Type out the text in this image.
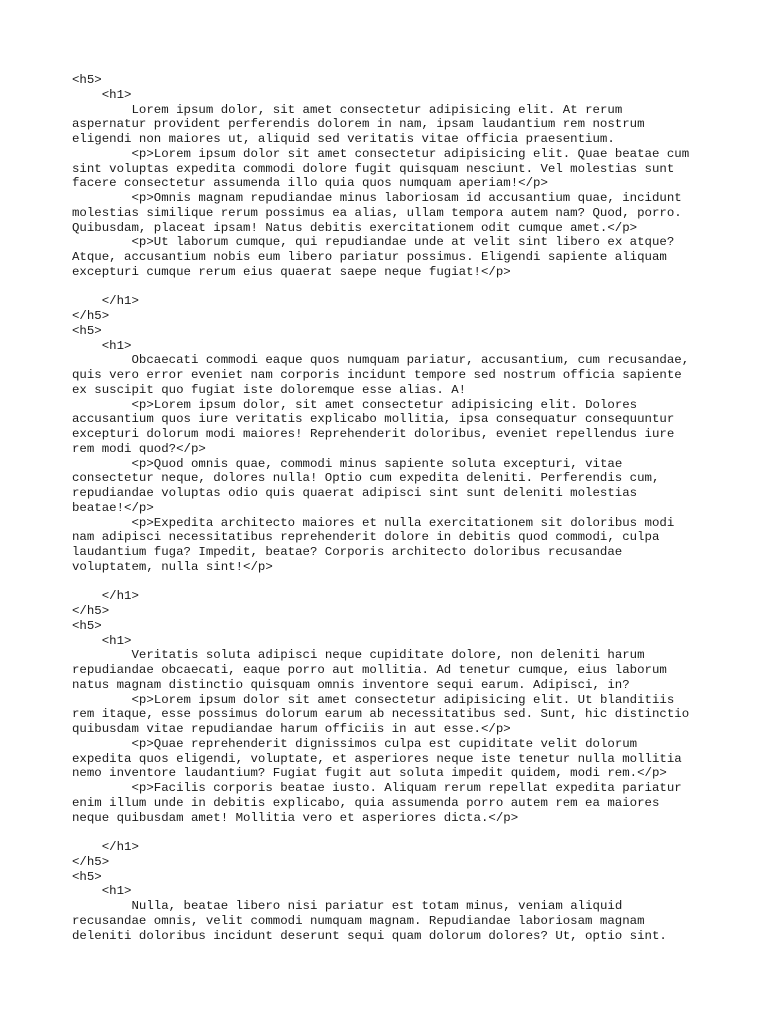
<h5>
<h1>
Lorem ipsum dolor, sit amet consectetur adipisicing elit. At rerum
aspernatur provident perferendis dolorem in nam, ipsam laudantium rem nostrum
eligendi non maiores ut, aliquid sed veritatis vitae officia praesentium.
<p>Lorem ipsum dolor sit amet consectetur adipisicing elit. Quae beatae cum
sint voluptas expedita commodi dolore fugit quisquam nesciunt. Vel molestias sunt
facere consectetur assumenda illo quia quos numquam aperiam!</p>
<p>Omnis magnam repudiandae minus laboriosam id accusantium quae, incidunt
molestias similique rerum possimus ea alias, ullam tempora autem nam? Quod, porro.
Quibusdam, placeat ipsam! Natus debitis exercitationem odit cumque amet.</p>
<p>Ut laborum cumque, qui repudiandae unde at velit sint libero ex atque?
Atque, accusantium nobis eum libero pariatur possimus. Eligendi sapiente aliquam
excepturi cumque rerum eius quaerat saepe neque fugiat!</p>
</h1>
</h5>
<h5>
<h1>
Obcaecati commodi eaque quos numquam pariatur, accusantium, cum recusandae,
quis vero error eveniet nam corporis incidunt tempore sed nostrum officia sapiente
ex suscipit quo fugiat iste doloremque esse alias. A!
<p>Lorem ipsum dolor, sit amet consectetur adipisicing elit. Dolores
accusantium quos iure veritatis explicabo mollitia, ipsa consequatur consequuntur
excepturi dolorum modi maiores! Reprehenderit doloribus, eveniet repellendus iure
rem modi quod?</p>
<p>Quod omnis quae, commodi minus sapiente soluta excepturi, vitae
consectetur neque, dolores nulla! Optio cum expedita deleniti. Perferendis cum,
repudiandae voluptas odio quis quaerat adipisci sint sunt deleniti molestias
beatae!</p>
<p>Expedita architecto maiores et nulla exercitationem sit doloribus modi
nam adipisci necessitatibus reprehenderit dolore in debitis quod commodi, culpa
laudantium fuga? Impedit, beatae? Corporis architecto doloribus recusandae
voluptatem, nulla sint!</p>
</h1>
</h5>
<h5>
<h1>
Veritatis soluta adipisci neque cupiditate dolore, non deleniti harum
repudiandae obcaecati, eaque porro aut mollitia. Ad tenetur cumque, eius laborum
natus magnam distinctio quisquam omnis inventore sequi earum. Adipisci, in?
<p>Lorem ipsum dolor sit amet consectetur adipisicing elit. Ut blanditiis
rem itaque, esse possimus dolorum earum ab necessitatibus sed. Sunt, hic distinctio
quibusdam vitae repudiandae harum officiis in aut esse.</p>
<p>Quae reprehenderit dignissimos culpa est cupiditate velit dolorum
expedita quos eligendi, voluptate, et asperiores neque iste tenetur nulla mollitia
nemo inventore laudantium? Fugiat fugit aut soluta impedit quidem, modi rem.</p>
<p>Facilis corporis beatae iusto. Aliquam rerum repellat expedita pariatur
enim illum unde in debitis explicabo, quia assumenda porro autem rem ea maiores
neque quibusdam amet! Mollitia vero et asperiores dicta.</p>
</h1>
</h5>
<h5>
<h1>
Nulla, beatae libero nisi pariatur est totam minus, veniam aliquid
recusandae omnis, velit commodi numquam magnam. Repudiandae laboriosam magnam
deleniti doloribus incidunt deserunt sequi quam dolorum dolores? Ut, optio sint.
